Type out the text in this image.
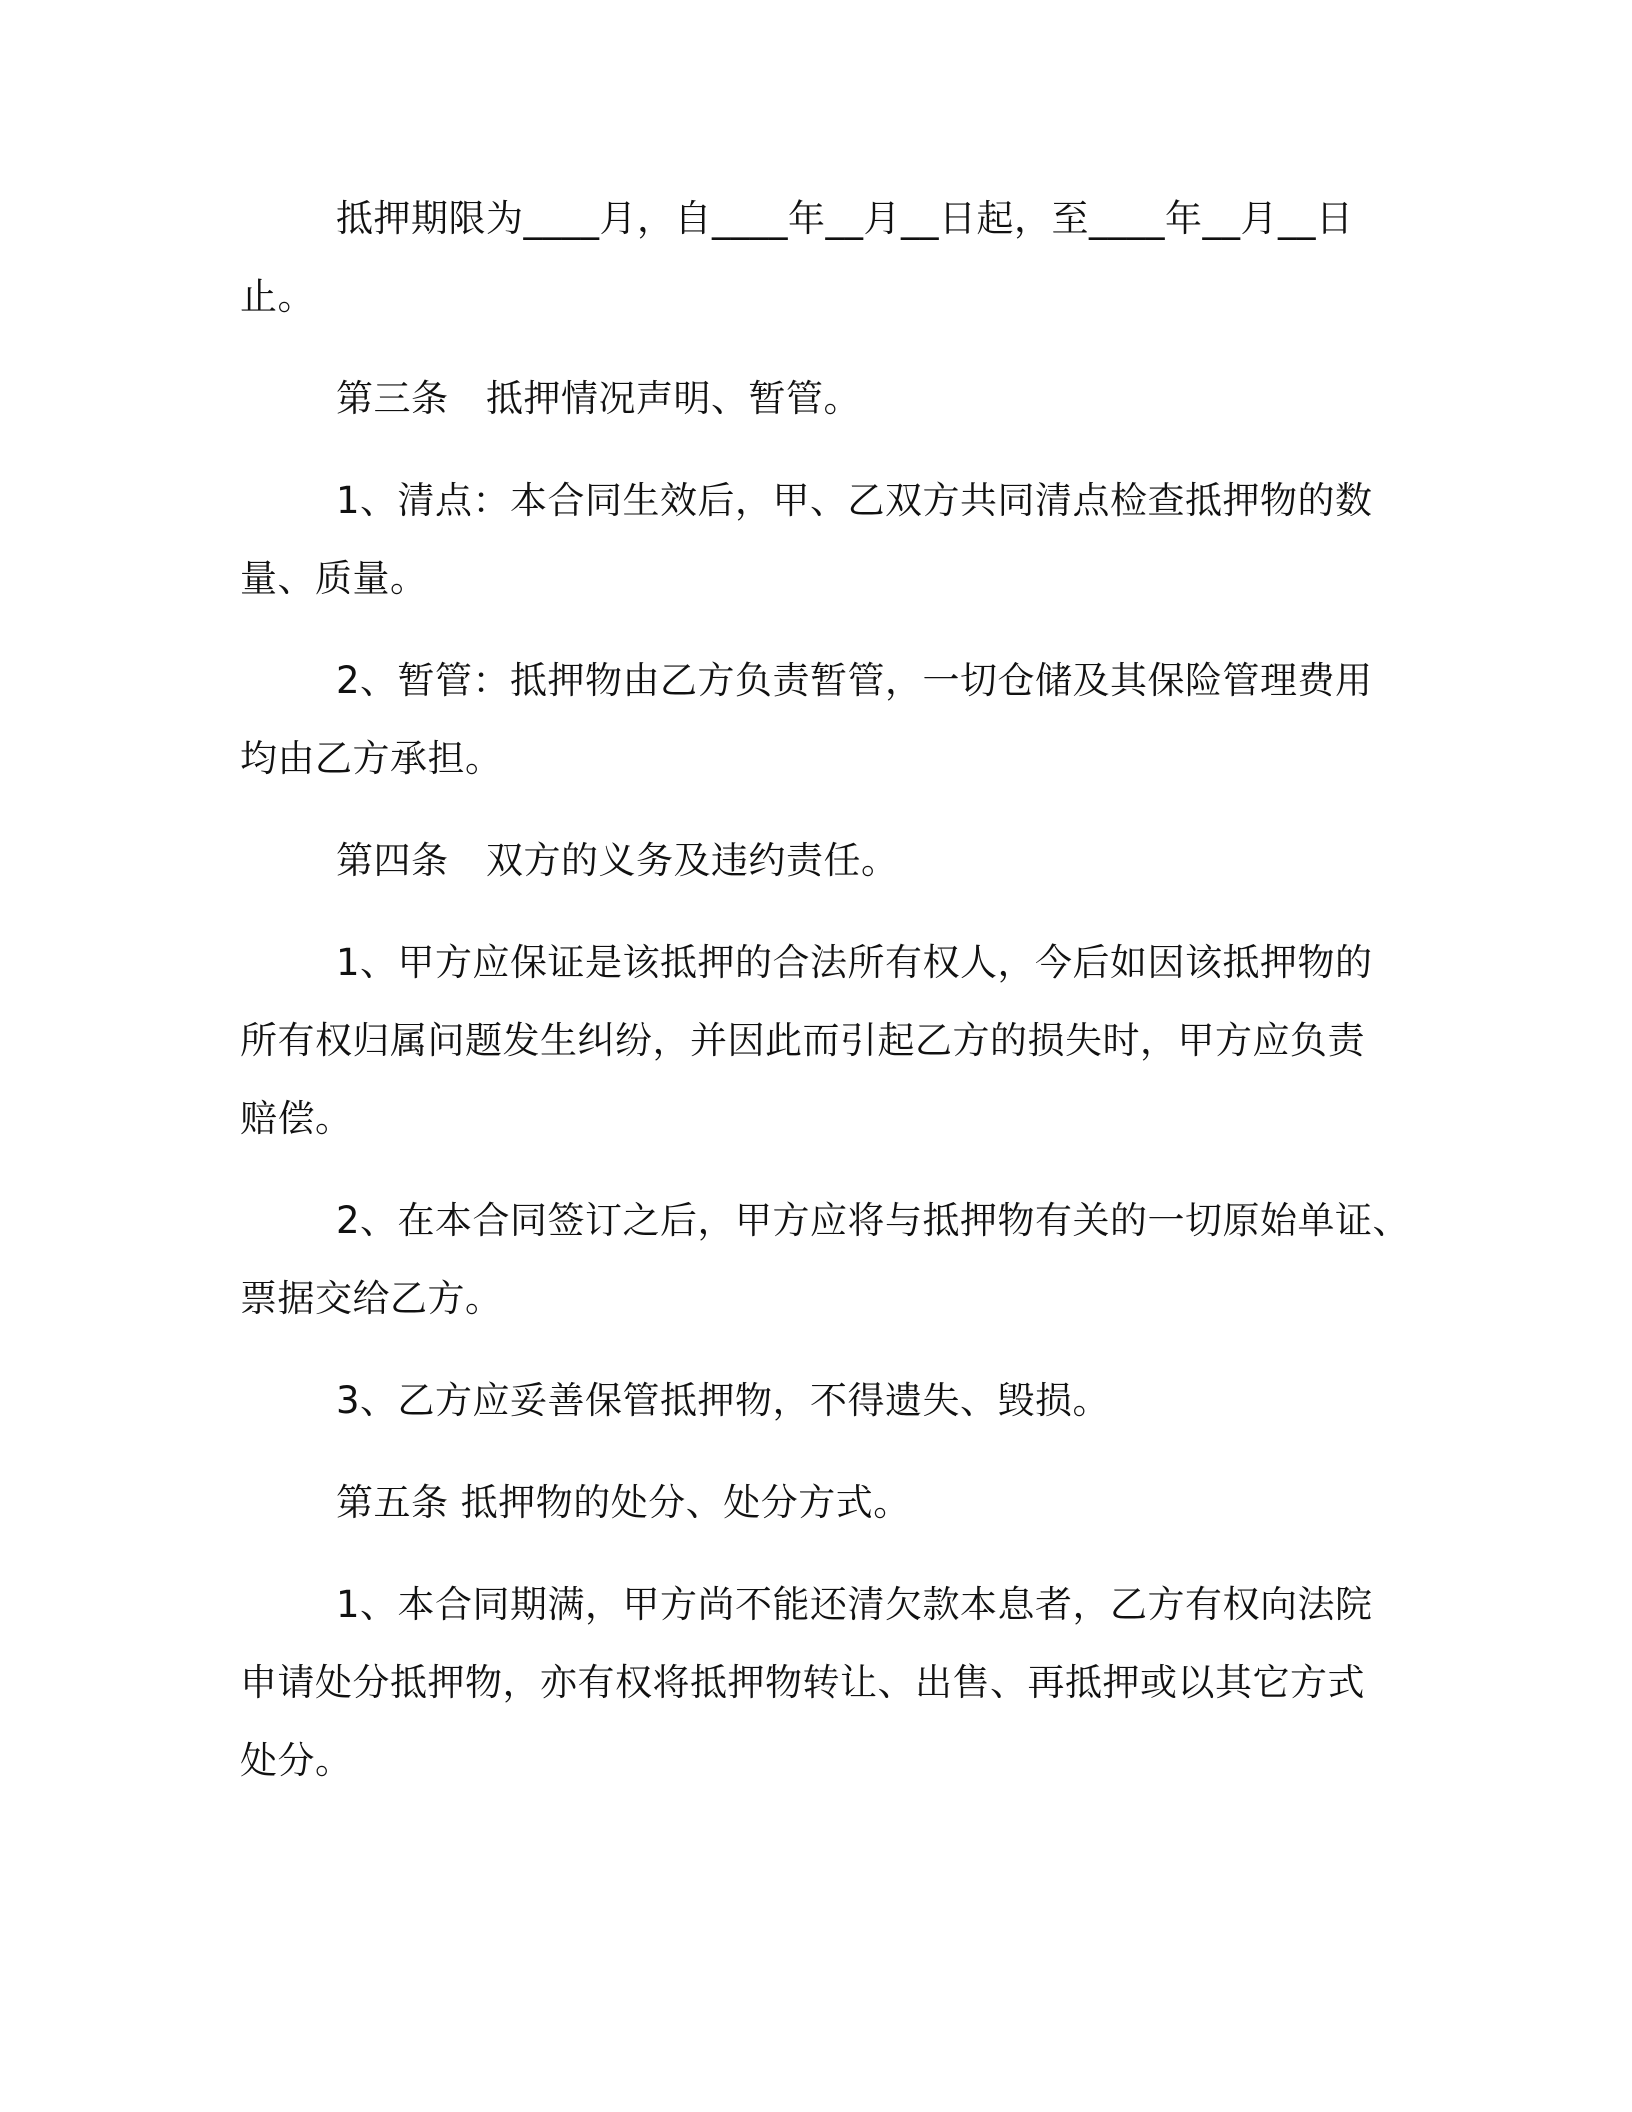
抵押期限为____月，自____年__月__日起，至____年__月__日
止。
第三条　抵押情况声明、暂管。
1、清点：本合同生效后，甲、乙双方共同清点检查抵押物的数
量、质量。
2、暂管：抵押物由乙方负责暂管，一切仓储及其保险管理费用
均由乙方承担。
第四条　双方的义务及违约责任。
1、甲方应保证是该抵押的合法所有权人，今后如因该抵押物的
所有权归属问题发生纠纷，并因此而引起乙方的损失时，甲方应负责
赔偿。
2、在本合同签订之后，甲方应将与抵押物有关的一切原始单证、
票据交给乙方。
3、乙方应妥善保管抵押物，不得遗失、毁损。
第五条 抵押物的处分、处分方式。
1、本合同期满，甲方尚不能还清欠款本息者，乙方有权向法院
申请处分抵押物，亦有权将抵押物转让、出售、再抵押或以其它方式
处分。
